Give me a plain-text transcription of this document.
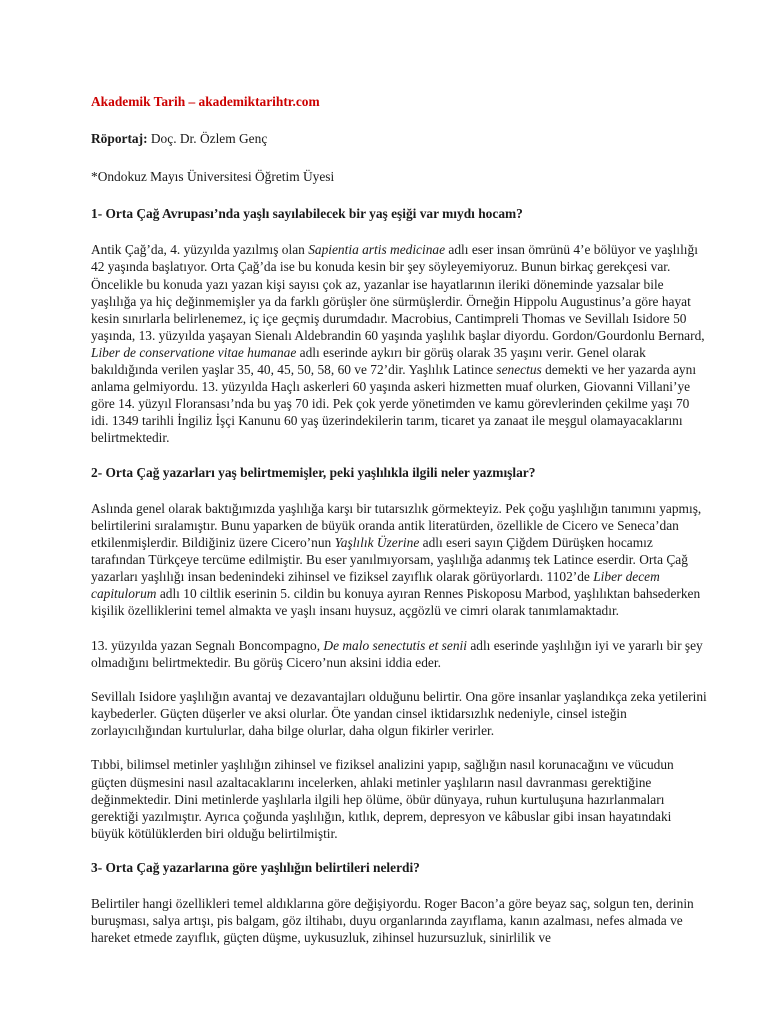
Akademik Tarih – akademiktarihtr.com

Röportaj: Doç. Dr. Özlem Genç

*Ondokuz Mayıs Üniversitesi Öğretim Üyesi

1- Orta Çağ Avrupası’nda yaşlı sayılabilecek bir yaş eşiği var mıydı hocam?

Antik Çağ’da, 4. yüzyılda yazılmış olan Sapientia artis medicinae adlı eser insan ömrünü 4’e bölüyor ve yaşlılığı 42 yaşında başlatıyor. Orta Çağ’da ise bu konuda kesin bir şey söyleyemiyoruz. Bunun birkaç gerekçesi var. Öncelikle bu konuda yazı yazan kişi sayısı çok az, yazanlar ise hayatlarının ileriki döneminde yazsalar bile yaşlılığa ya hiç değinmemişler ya da farklı görüşler öne sürmüşlerdir. Örneğin Hippolu Augustinus’a göre hayat kesin sınırlarla belirlenemez, iç içe geçmiş durumdadır. Macrobius, Cantimpreli Thomas ve Sevillalı Isidore 50 yaşında, 13. yüzyılda yaşayan Sienalı Aldebrandin 60 yaşında yaşlılık başlar diyordu. Gordon/Gourdonlu Bernard, Liber de conservatione vitae humanae adlı eserinde aykırı bir görüş olarak 35 yaşını verir. Genel olarak bakıldığında verilen yaşlar 35, 40, 45, 50, 58, 60 ve 72’dir. Yaşlılık Latince senectus demekti ve her yazarda aynı anlama gelmiyordu. 13. yüzyılda Haçlı askerleri 60 yaşında askeri hizmetten muaf olurken, Giovanni Villani’ye göre 14. yüzyıl Floransası’nda bu yaş 70 idi. Pek çok yerde yönetimden ve kamu görevlerinden çekilme yaşı 70 idi. 1349 tarihli İngiliz İşçi Kanunu 60 yaş üzerindekilerin tarım, ticaret ya zanaat ile meşgul olamayacaklarını belirtmektedir.

2- Orta Çağ yazarları yaş belirtmemişler, peki yaşlılıkla ilgili neler yazmışlar?

Aslında genel olarak baktığımızda yaşlılığa karşı bir tutarsızlık görmekteyiz. Pek çoğu yaşlılığın tanımını yapmış, belirtilerini sıralamıştır. Bunu yaparken de büyük oranda antik literatürden, özellikle de Cicero ve Seneca’dan etkilenmişlerdir. Bildiğiniz üzere Cicero’nun Yaşlılık Üzerine adlı eseri sayın Çiğdem Dürüşken hocamız tarafından Türkçeye tercüme edilmiştir. Bu eser yanılmıyorsam, yaşlılığa adanmış tek Latince eserdir. Orta Çağ yazarları yaşlılığı insan bedenindeki zihinsel ve fiziksel zayıflık olarak görüyorlardı. 1102’de Liber decem capitulorum adlı 10 ciltlik eserinin 5. cildin bu konuya ayıran Rennes Piskoposu Marbod, yaşlılıktan bahsederken kişilik özelliklerini temel almakta ve yaşlı insanı huysuz, açgözlü ve cimri olarak tanımlamaktadır.

13. yüzyılda yazan Segnalı Boncompagno, De malo senectutis et senii adlı eserinde yaşlılığın iyi ve yararlı bir şey olmadığını belirtmektedir. Bu görüş Cicero’nun aksini iddia eder.

Sevillalı Isidore yaşlılığın avantaj ve dezavantajları olduğunu belirtir. Ona göre insanlar yaşlandıkça zeka yetilerini kaybederler. Güçten düşerler ve aksi olurlar. Öte yandan cinsel iktidarsızlık nedeniyle, cinsel isteğin zorlayıcılığından kurtulurlar, daha bilge olurlar, daha olgun fikirler verirler.

Tıbbi, bilimsel metinler yaşlılığın zihinsel ve fiziksel analizini yapıp, sağlığın nasıl korunacağını ve vücudun güçten düşmesini nasıl azaltacaklarını incelerken, ahlaki metinler yaşlıların nasıl davranması gerektiğine değinmektedir. Dini metinlerde yaşlılarla ilgili hep ölüme, öbür dünyaya, ruhun kurtuluşuna hazırlanmaları gerektiği yazılmıştır. Ayrıca çoğunda yaşlılığın, kıtlık, deprem, depresyon ve kâbuslar gibi insan hayatındaki büyük kötülüklerden biri olduğu belirtilmiştir.

3- Orta Çağ yazarlarına göre yaşlılığın belirtileri nelerdi?

Belirtiler hangi özellikleri temel aldıklarına göre değişiyordu. Roger Bacon’a göre beyaz saç, solgun ten, derinin buruşması, salya artışı, pis balgam, göz iltihabı, duyu organlarında zayıflama, kanın azalması, nefes almada ve hareket etmede zayıflık, güçten düşme, uykusuzluk, zihinsel huzursuzluk, sinirlilik ve
